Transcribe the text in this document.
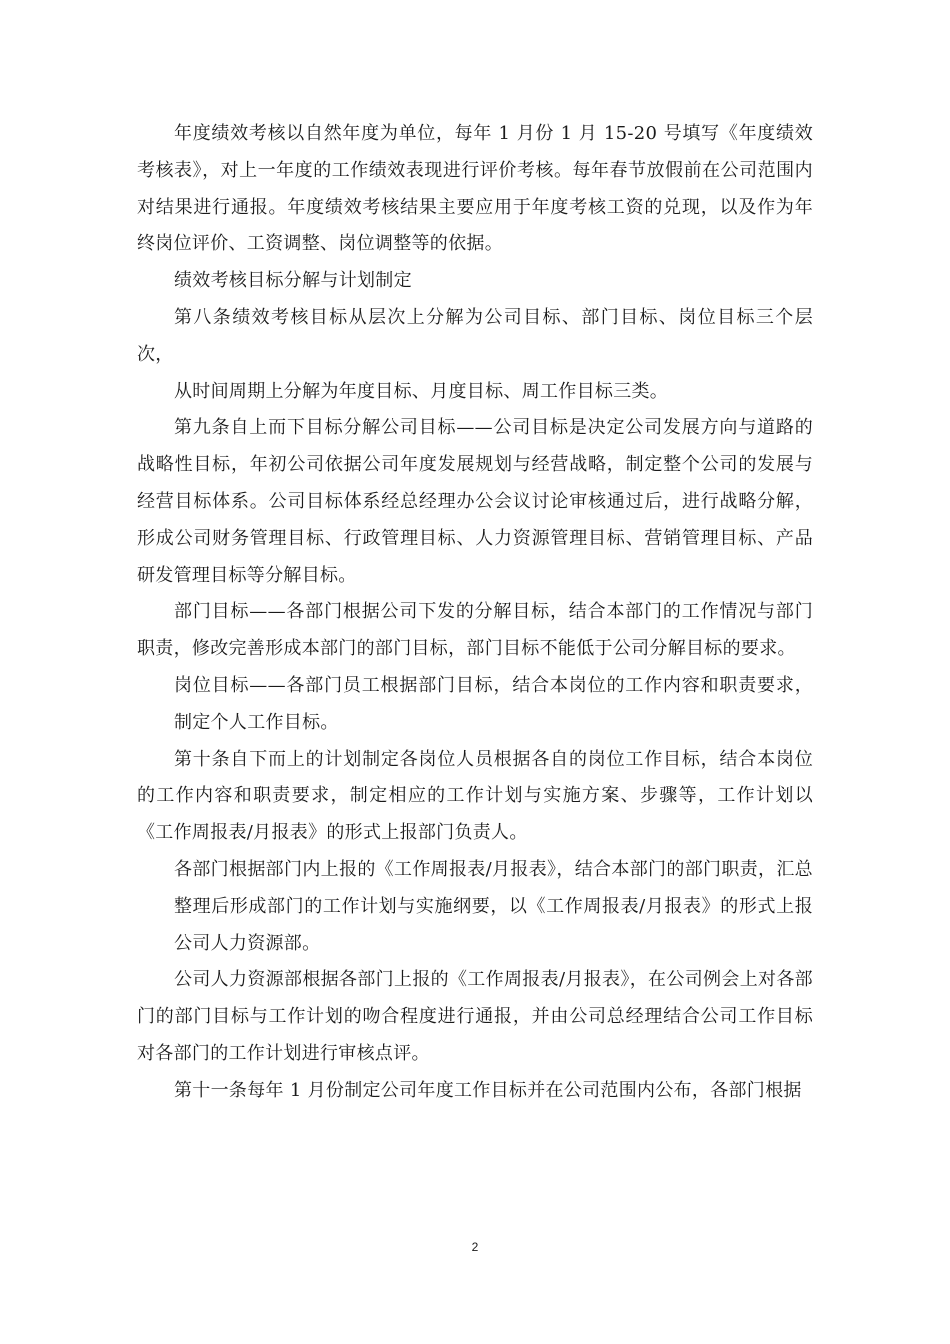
年度绩效考核以自然年度为单位，每年 1 月份 1 月 15-20 号填写《年度绩效考核表》，对上一年度的工作绩效表现进行评价考核。每年春节放假前在公司范围内对结果进行通报。年度绩效考核结果主要应用于年度考核工资的兑现，以及作为年终岗位评价、工资调整、岗位调整等的依据。

绩效考核目标分解与计划制定

第八条绩效考核目标从层次上分解为公司目标、部门目标、岗位目标三个层次，

从时间周期上分解为年度目标、月度目标、周工作目标三类。

第九条自上而下目标分解公司目标——公司目标是决定公司发展方向与道路的战略性目标，年初公司依据公司年度发展规划与经营战略，制定整个公司的发展与经营目标体系。公司目标体系经总经理办公会议讨论审核通过后，进行战略分解，形成公司财务管理目标、行政管理目标、人力资源管理目标、营销管理目标、产品研发管理目标等分解目标。

部门目标——各部门根据公司下发的分解目标，结合本部门的工作情况与部门职责，修改完善形成本部门的部门目标，部门目标不能低于公司分解目标的要求。

岗位目标——各部门员工根据部门目标，结合本岗位的工作内容和职责要求，制定个人工作目标。

第十条自下而上的计划制定各岗位人员根据各自的岗位工作目标，结合本岗位的工作内容和职责要求，制定相应的工作计划与实施方案、步骤等，工作计划以《工作周报表/月报表》的形式上报部门负责人。

各部门根据部门内上报的《工作周报表/月报表》，结合本部门的部门职责，汇总整理后形成部门的工作计划与实施纲要，以《工作周报表/月报表》的形式上报公司人力资源部。

公司人力资源部根据各部门上报的《工作周报表/月报表》，在公司例会上对各部门的部门目标与工作计划的吻合程度进行通报，并由公司总经理结合公司工作目标对各部门的工作计划进行审核点评。

第十一条每年 1 月份制定公司年度工作目标并在公司范围内公布，各部门根据

2
